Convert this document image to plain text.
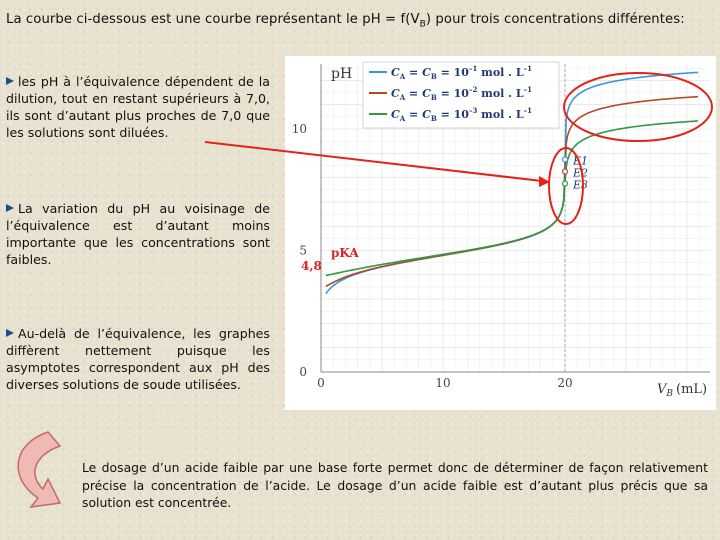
La courbe ci-dessous est une courbe représentant le pH = $f(V_B)$ pour trois concentrations différentes:
les pH à l’équivalence dépendent de la dilution, tout en restant supérieurs à 7,0, ils sont d’autant plus proches de 7,0 que les solutions sont diluées.
La variation du pH au voisinage de l’équivalence est d’autant moins importante que les concentrations sont faibles.
Au-delà de l’équivalence, les graphes diffèrent nettement puisque les asymptotes correspondent aux pH des diverses solutions de soude utilisées.	0	10	20
0
5
10
pH
$V_B$ (mL)
4,8
pKA
$C_A = C_B = 10^{-1}$ mol . $L^{-1}$
$C_A = C_B = 10^{-2}$ mol . $L^{-1}$
$C_A = C_B = 10^{-3}$ mol . $L^{-1}$
E1
E2
E3
Le dosage d’un acide faible par une base forte permet donc de déterminer de façon relativement précise la concentration de l’acide. Le dosage d’un acide faible est d’autant plus précis que sa solution est concentrée.
